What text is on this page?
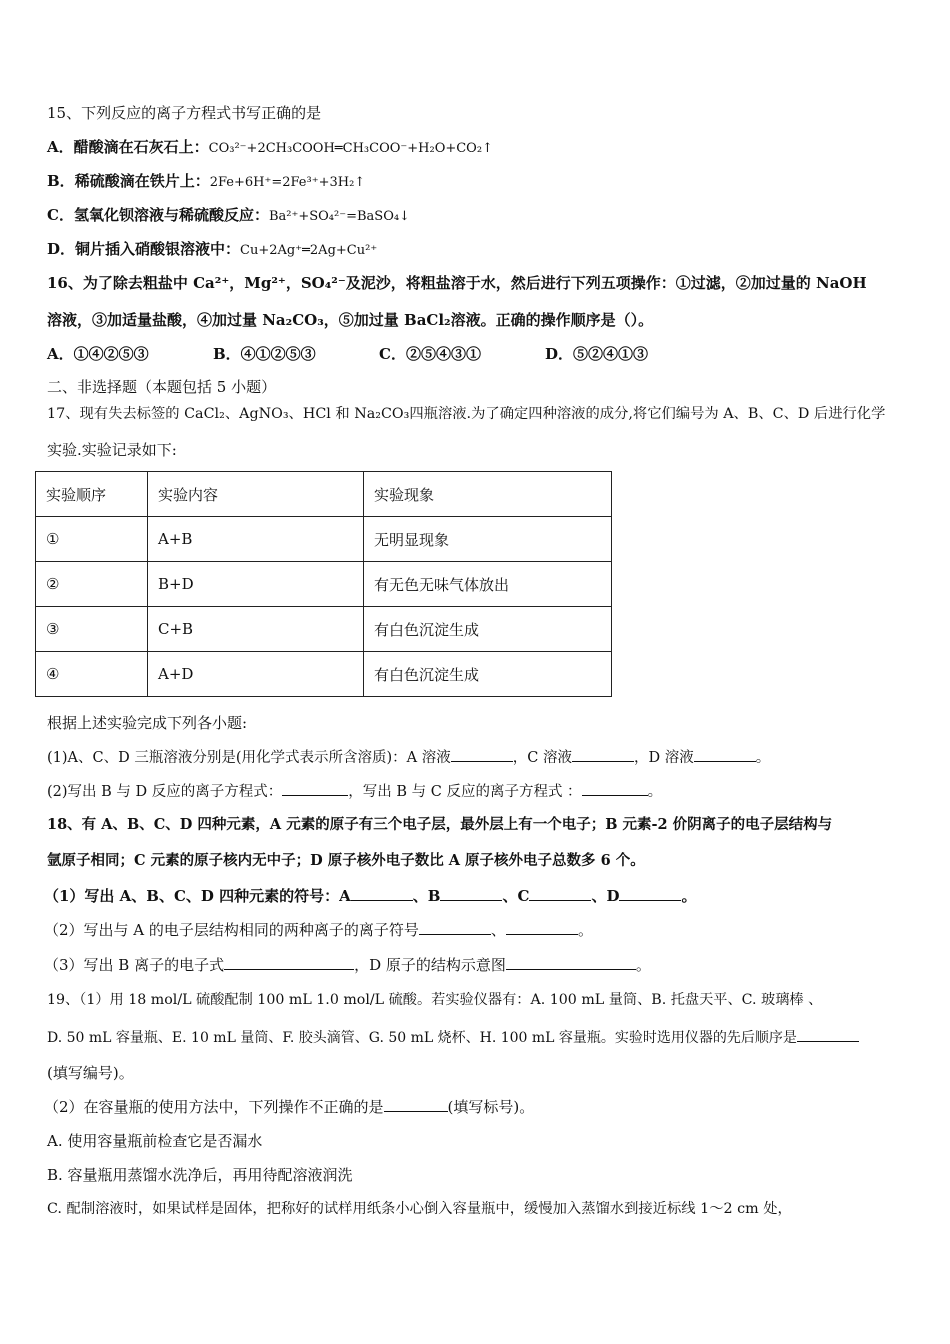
15、下列反应的离子方程式书写正确的是
A．醋酸滴在石灰石上：CO₃²⁻+2CH₃COOH═CH₃COO⁻+H₂O+CO₂↑
B．稀硫酸滴在铁片上：2Fe+6H⁺=2Fe³⁺+3H₂↑
C．氢氧化钡溶液与稀硫酸反应：Ba²⁺+SO₄²⁻=BaSO₄↓
D．铜片插入硝酸银溶液中：Cu+2Ag⁺═2Ag+Cu²⁺
16、为了除去粗盐中 Ca²⁺，Mg²⁺，SO₄²⁻及泥沙，将粗盐溶于水，然后进行下列五项操作：①过滤，②加过量的 NaOH
溶液，③加适量盐酸，④加过量 Na₂CO₃，⑤加过量 BaCl₂溶液。正确的操作顺序是（）。
A．①④②⑤③	B．④①②⑤③	C．②⑤④③①	D．⑤②④①③
二、非选择题（本题包括 5 小题）
17、现有失去标签的 CaCl₂、AgNO₃、HCl 和 Na₂CO₃四瓶溶液.为了确定四种溶液的成分,将它们编号为 A、B、C、D 后进行化学
实验.实验记录如下:
实验顺序	实验内容	实验现象
①	A+B	无明显现象
②	B+D	有无色无味气体放出
③	C+B	有白色沉淀生成
④	A+D	有白色沉淀生成
根据上述实验完成下列各小题:
(1)A、C、D 三瓶溶液分别是(用化学式表示所含溶质)：A 溶液	，C 溶液	，D 溶液	。
(2)写出 B 与 D 反应的离子方程式：	，写出 B 与 C 反应的离子方程式 ：	。
18、有 A、B、C、D 四种元素，A 元素的原子有三个电子层，最外层上有一个电子；B 元素-2 价阴离子的电子层结构与
氩原子相同；C 元素的原子核内无中子；D 原子核外电子数比 A 原子核外电子总数多 6 个。
（1）写出 A、B、C、D 四种元素的符号：A	、B	、C	、D	。
（2）写出与 A 的电子层结构相同的两种离子的离子符号	、	。
（3）写出 B 离子的电子式	，D 原子的结构示意图	。
19、（1）用 18 mol/L 硫酸配制 100 mL 1.0 mol/L 硫酸。若实验仪器有：A. 100 mL 量筒、B. 托盘天平、C. 玻璃棒 、
D. 50 mL 容量瓶、E. 10 mL 量筒、F. 胶头滴管、G. 50 mL 烧杯、H. 100 mL 容量瓶。实验时选用仪器的先后顺序是
(填写编号)。
（2）在容量瓶的使用方法中，下列操作不正确的是	(填写标号)。
A. 使用容量瓶前检查它是否漏水
B. 容量瓶用蒸馏水洗净后，再用待配溶液润洗
C. 配制溶液时，如果试样是固体，把称好的试样用纸条小心倒入容量瓶中，缓慢加入蒸馏水到接近标线 1～2 cm 处，
